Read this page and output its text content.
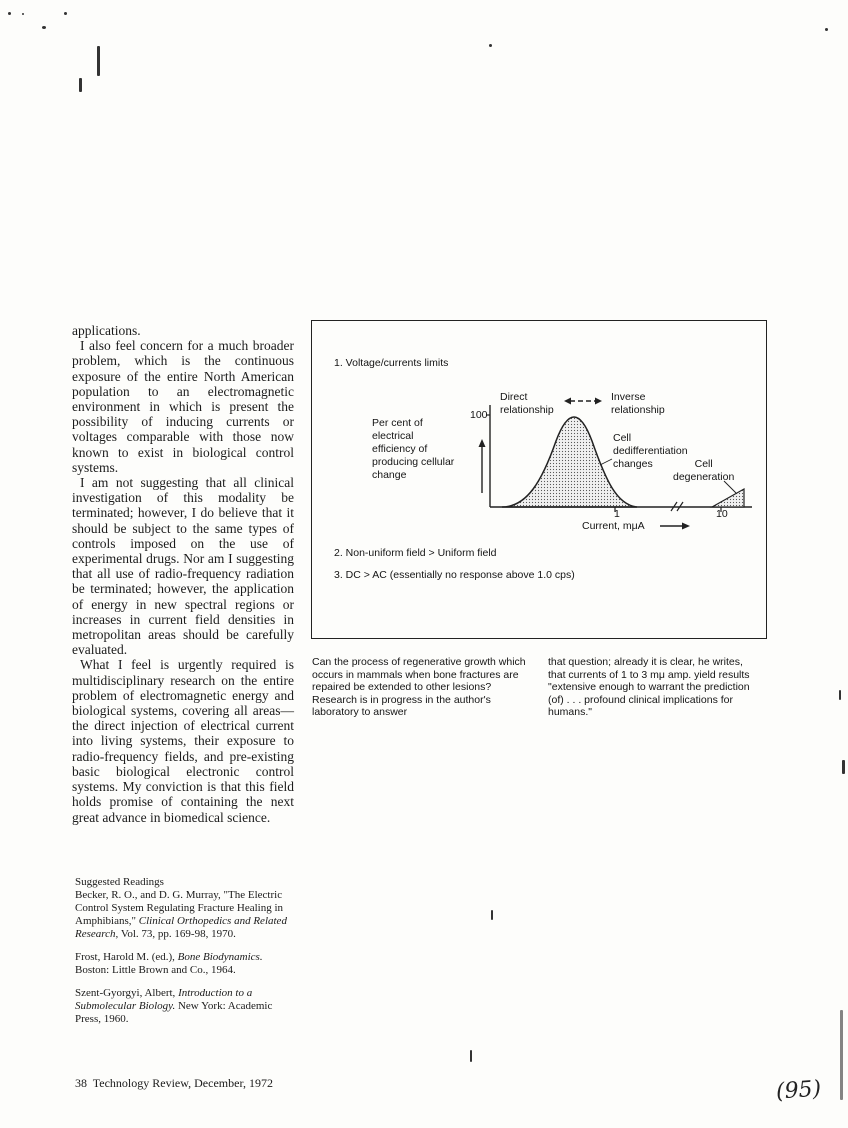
applications.

I also feel concern for a much broader problem, which is the continuous exposure of the entire North American population to an electromagnetic environment in which is present the possibility of inducing currents or voltages comparable with those now known to exist in biological control systems.

I am not suggesting that all clinical investigation of this modality be terminated; however, I do believe that it should be subject to the same types of controls imposed on the use of experimental drugs. Nor am I suggesting that all use of radio-frequency radiation be terminated; however, the application of energy in new spectral regions or increases in current field densities in metropolitan areas should be carefully evaluated.

What I feel is urgently required is multidisciplinary research on the entire problem of electromagnetic energy and biological systems, covering all areas—the direct injection of electrical current into living systems, their exposure to radio-frequency fields, and pre-existing basic biological electronic control systems. My conviction is that this field holds promise of containing the next great advance in biomedical science.

Suggested Readings
Becker, R. O., and D. G. Murray, "The Electric Control System Regulating Fracture Healing in Amphibians," Clinical Orthopedics and Related Research, Vol. 73, pp. 169-98, 1970.
Frost, Harold M. (ed.), Bone Biodynamics. Boston: Little Brown and Co., 1964.
Szent-Gyorgyi, Albert, Introduction to a Submolecular Biology. New York: Academic Press, 1960.
38  Technology Review, December, 1972
1. Voltage/currents limits
Direct
relationship
Inverse
relationship
100
Per cent of
electrical
efficiency of
producing cellular
change
Cell
dedifferentiation
changes	Cell
degeneration
1	10
Current, mμA
2. Non-uniform field > Uniform field
3. DC > AC (essentially no response above 1.0 cps)
Can the process of regenerative growth which occurs in mammals when bone fractures are repaired be extended to other lesions? Research is in progress in the author's laboratory to answer
that question; already it is clear, he writes, that currents of 1 to 3 mμ amp. yield results "extensive enough to warrant the prediction (of) . . . profound clinical implications for humans."
(95)
